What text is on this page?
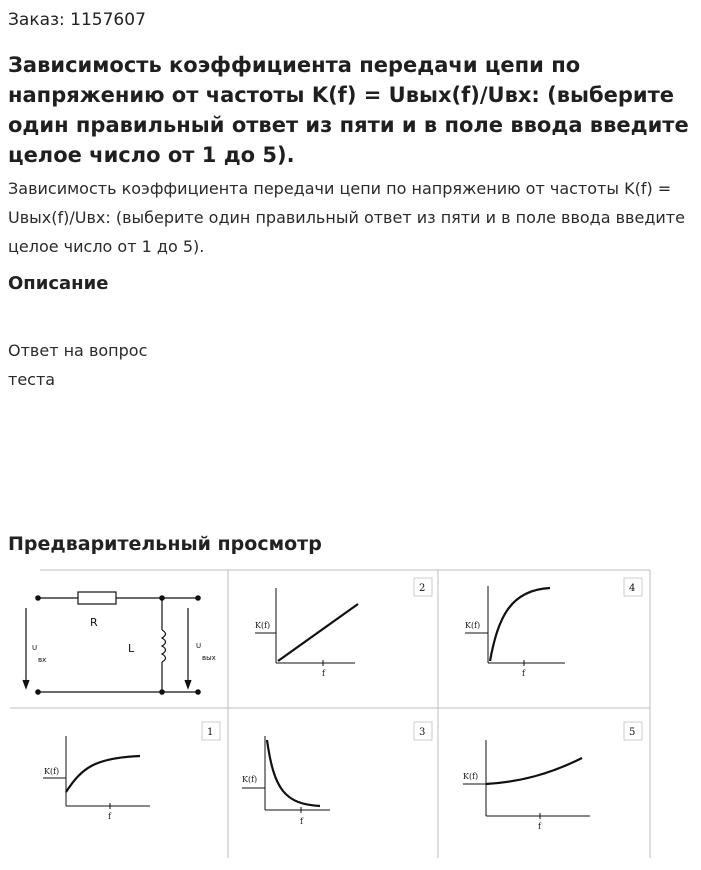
Заказ: 1157607
Зависимость коэффициента передачи цепи по напряжению от частоты K(f) = Uвых(f)/Uвх: (выберите один правильный ответ из пяти и в поле ввода введите целое число от 1 до 5).

Зависимость коэффициента передачи цепи по напряжению от частоты K(f) = Uвых(f)/Uвх: (выберите один правильный ответ из пяти и в поле ввода введите целое число от 1 до 5).

Описание

Ответ на вопрос теста

Предварительный просмотр
R
L
U
вх
U
вых
2
K(f)
f
4
K(f)
f
1
K(f)
f
3
K(f)
f
5
K(f)
f
